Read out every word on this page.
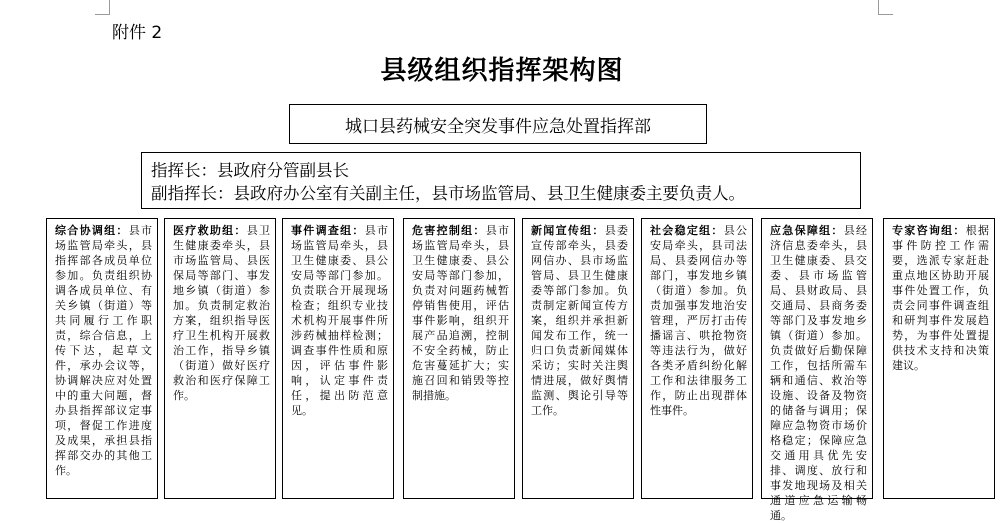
附件 2
县级组织指挥架构图
城口县药械安全突发事件应急处置指挥部
指挥长：县政府分管副县长
副指挥长：县政府办公室有关副主任，县市场监管局、县卫生健康委主要负责人。
综合协调组：县市场监管局牵头，县指挥部各成员单位参加。负责组织协调各成员单位、有关乡镇（街道）等共同履行工作职责，综合信息，上传下达，起草文件，承办会议等，协调解决应对处置中的重大问题，督办县指挥部议定事项，督促工作进度及成果，承担县指挥部交办的其他工作。
医疗救助组：县卫生健康委牵头，县市场监管局、县医保局等部门、事发地乡镇（街道）参加。负责制定救治方案，组织指导医疗卫生机构开展救治工作，指导乡镇（街道）做好医疗救治和医疗保障工作。
事件调查组：县市场监管局牵头，县卫生健康委、县公安局等部门参加。负责联合开展现场检查；组织专业技术机构开展事件所涉药械抽样检测；调查事件性质和原因，评估事件影响，认定事件责任，提出防范意见。
危害控制组：县市场监管局牵头，县卫生健康委、县公安局等部门参加，负责对问题药械暂停销售使用，评估事件影响，组织开展产品追溯，控制不安全药械，防止危害蔓延扩大；实施召回和销毁等控制措施。
新闻宣传组：县委宣传部牵头，县委网信办、县市场监管局、县卫生健康委等部门参加。负责制定新闻宣传方案，组织并承担新闻发布工作，统一归口负责新闻媒体采访；实时关注舆情进展，做好舆情监测、舆论引导等工作。
社会稳定组：县公安局牵头，县司法局、县委网信办等部门，事发地乡镇（街道）参加。负责加强事发地治安管理，严厉打击传播谣言、哄抢物资等违法行为，做好各类矛盾纠纷化解工作和法律服务工作，防止出现群体性事件。
应急保障组：县经济信息委牵头，县卫生健康委、县交委、县市场监管局、县财政局、县交通局、县商务委等部门及事发地乡镇（街道）参加。负责做好后勤保障工作，包括所需车辆和通信、救治等设施、设备及物资的储备与调用；保障应急物资市场价格稳定；保障应急交通用具优先安排、调度、放行和事发地现场及相关通道应急运输畅通。
专家咨询组：根据事件防控工作需要，选派专家赶赴重点地区协助开展事件处置工作，负责会同事件调查组和研判事件发展趋势，为事件处置提供技术支持和决策建议。
